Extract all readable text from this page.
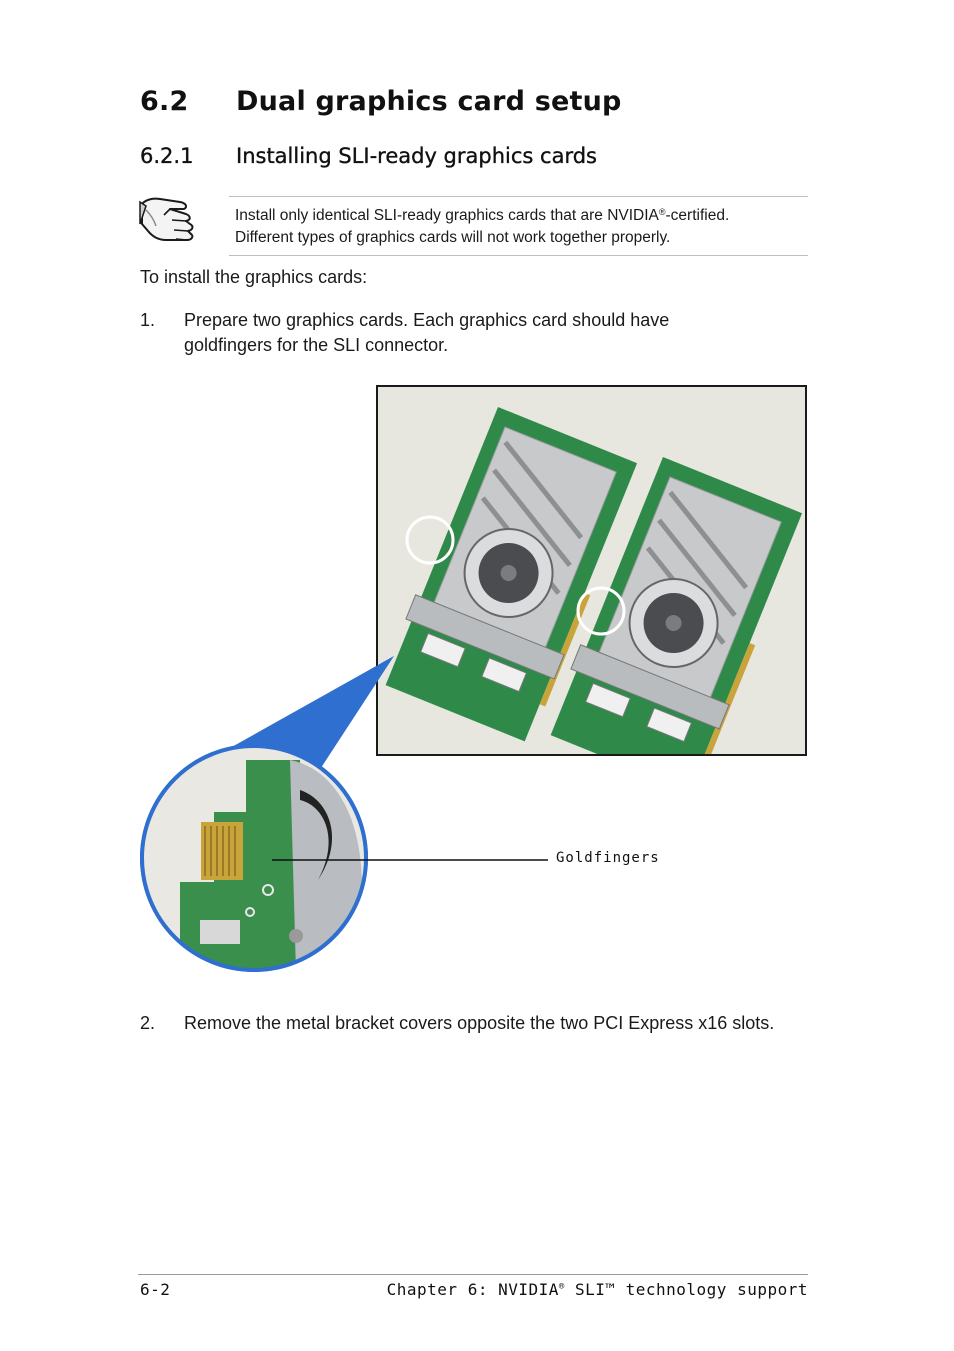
6.2 Dual graphics card setup
6.2.1 Installing SLI-ready graphics cards
Install only identical SLI-ready graphics cards that are NVIDIA®-certified.
Different types of graphics cards will not work together properly.
To install the graphics cards:
1.	Prepare two graphics cards. Each graphics card should have goldfingers for the SLI connector.
Goldfingers
2.	Remove the metal bracket covers opposite the two PCI Express x16 slots.
6-2	Chapter 6: NVIDIA® SLI™ technology support
